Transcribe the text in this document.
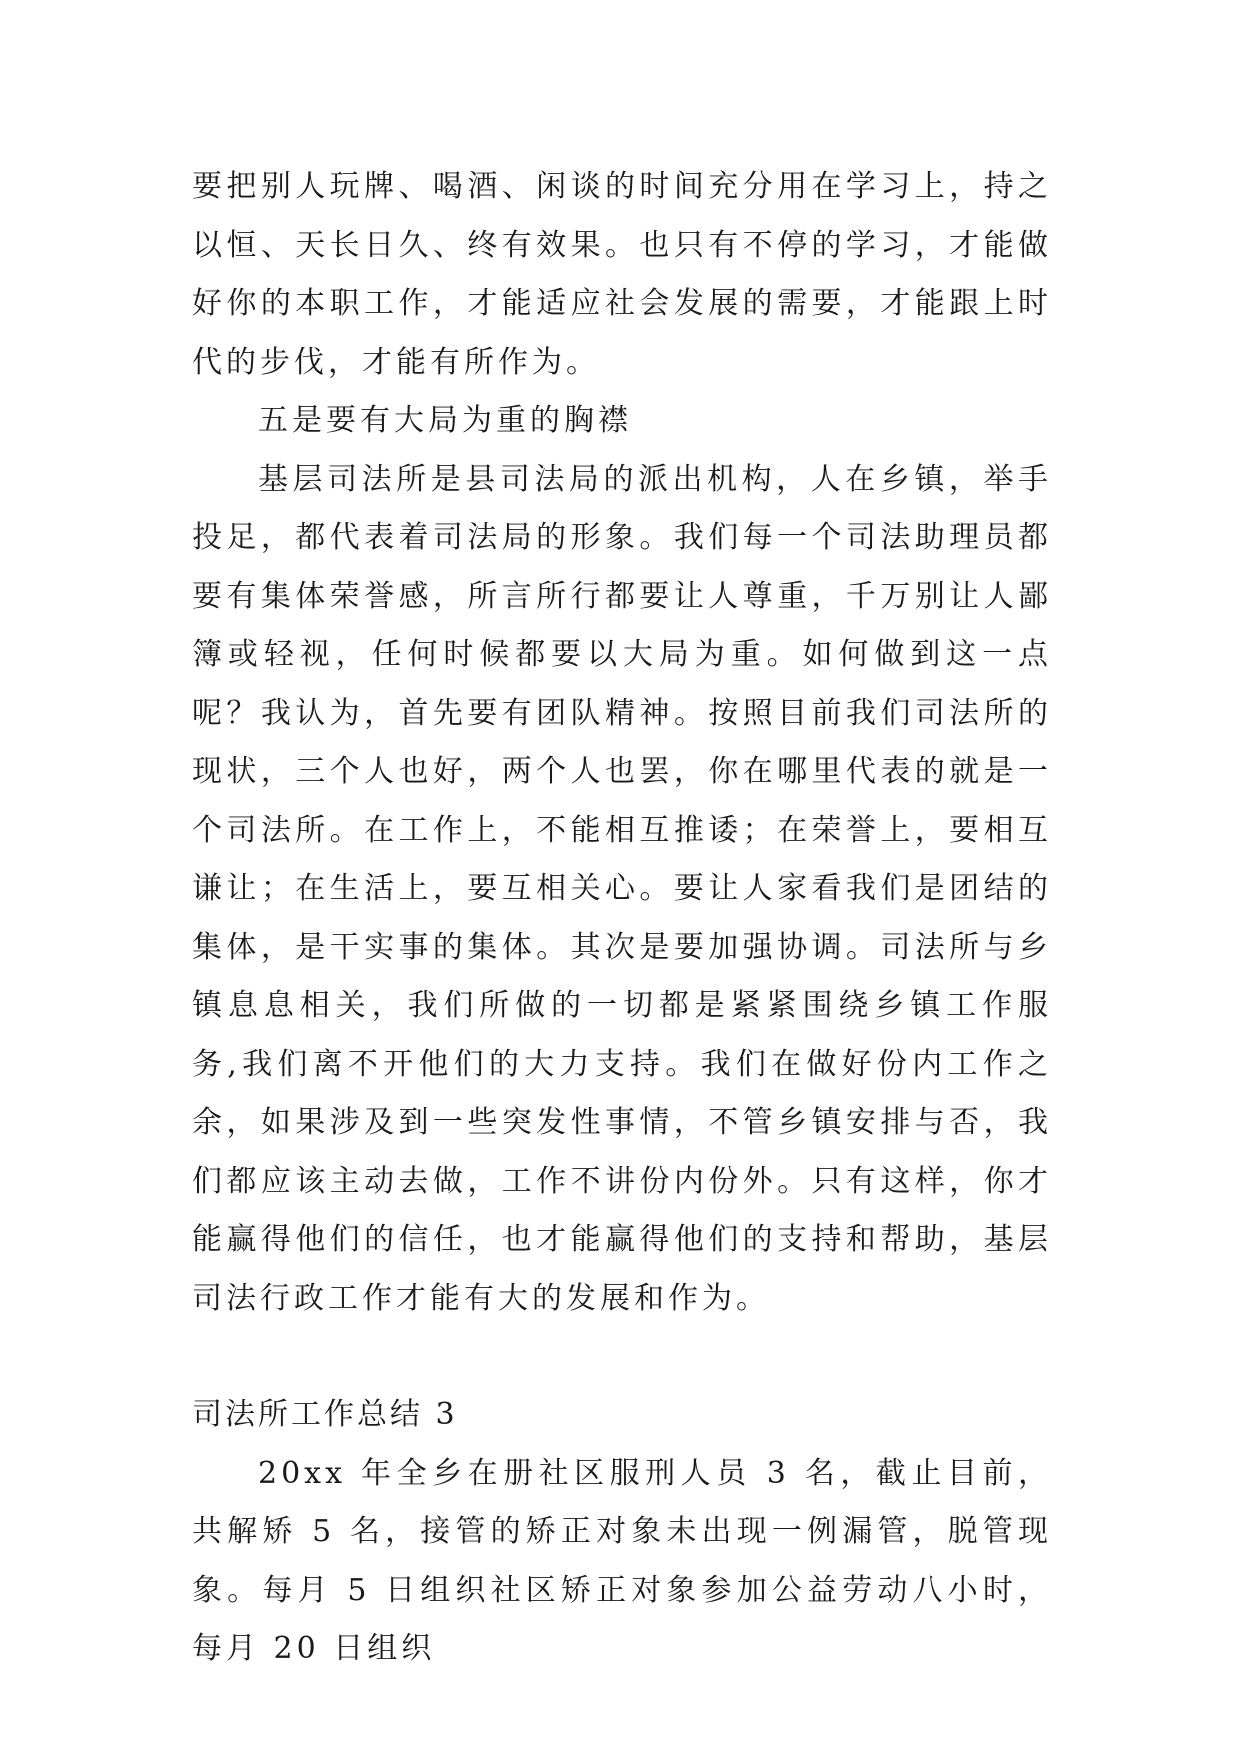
要把别人玩牌、喝酒、闲谈的时间充分用在学习上，持之以恒、天长日久、终有效果。也只有不停的学习，才能做好你的本职工作，才能适应社会发展的需要，才能跟上时代的步伐，才能有所作为。

五是要有大局为重的胸襟

基层司法所是县司法局的派出机构，人在乡镇，举手投足，都代表着司法局的形象。我们每一个司法助理员都要有集体荣誉感，所言所行都要让人尊重，千万别让人鄙簿或轻视，任何时候都要以大局为重。如何做到这一点呢？我认为，首先要有团队精神。按照目前我们司法所的现状，三个人也好，两个人也罢，你在哪里代表的就是一个司法所。在工作上，不能相互推诿；在荣誉上，要相互谦让；在生活上，要互相关心。要让人家看我们是团结的集体，是干实事的集体。其次是要加强协调。司法所与乡镇息息相关，我们所做的一切都是紧紧围绕乡镇工作服务,我们离不开他们的大力支持。我们在做好份内工作之余，如果涉及到一些突发性事情，不管乡镇安排与否，我们都应该主动去做，工作不讲份内份外。只有这样，你才能赢得他们的信任，也才能赢得他们的支持和帮助，基层司法行政工作才能有大的发展和作为。

司法所工作总结 3

20xx 年全乡在册社区服刑人员 3 名，截止目前，共解矫 5 名，接管的矫正对象未出现一例漏管，脱管现象。每月 5 日组织社区矫正对象参加公益劳动八小时，每月 20 日组织
